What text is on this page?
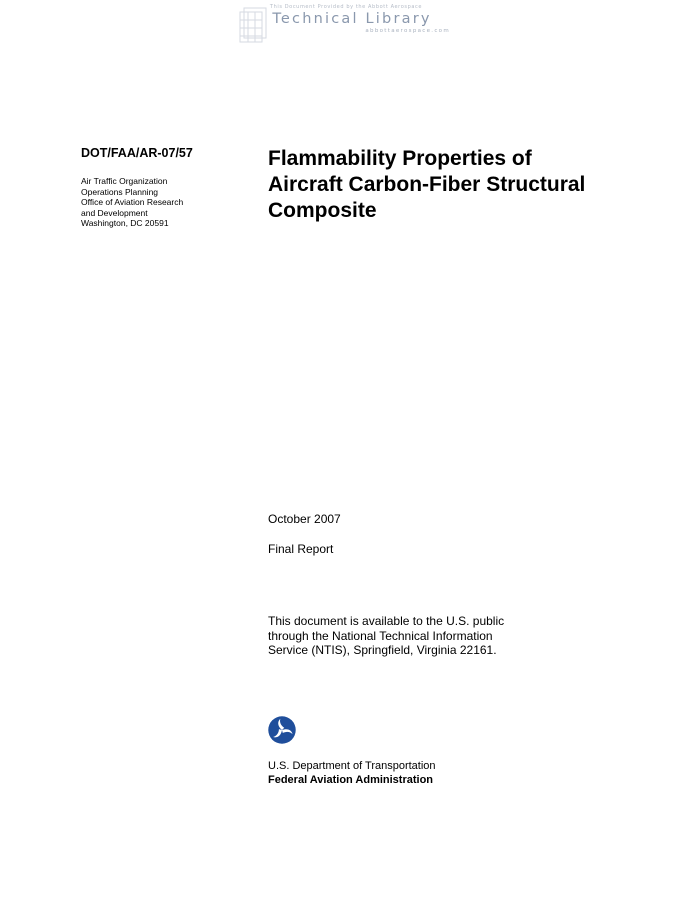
This Document Provided by the Abbott Aerospace
Technical Library
abbottaerospace.com
DOT/FAA/AR-07/57
Air Traffic Organization
Operations Planning
Office of Aviation Research
and Development
Washington, DC 20591
Flammability Properties of
Aircraft Carbon-Fiber Structural
Composite
October 2007
Final Report
This document is available to the U.S. public
through the National Technical Information
Service (NTIS), Springfield, Virginia 22161.
U.S. Department of Transportation
Federal Aviation Administration
